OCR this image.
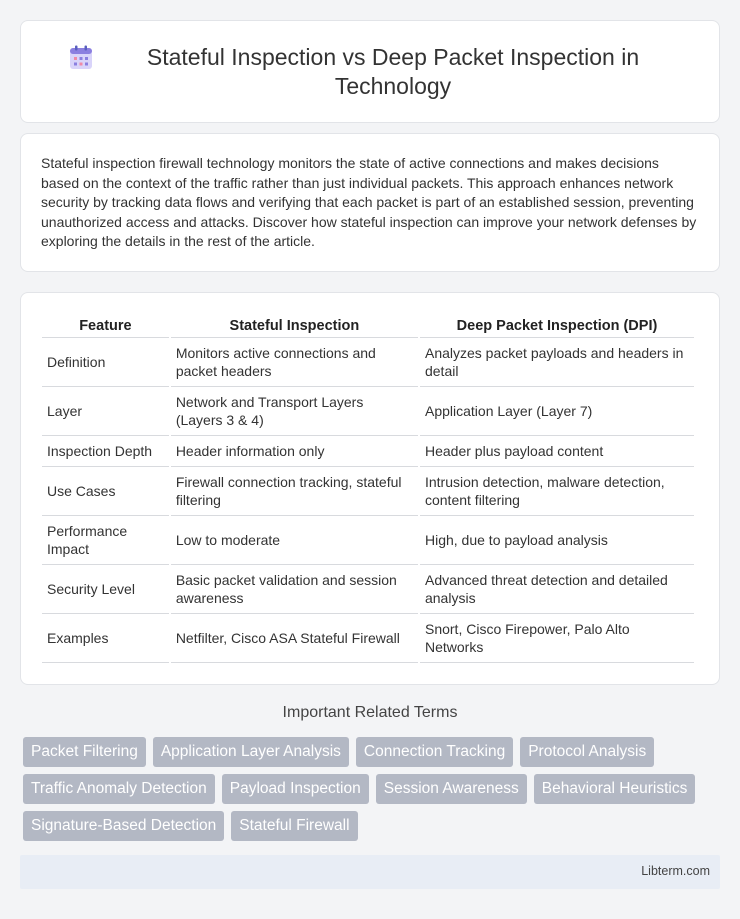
Stateful Inspection vs Deep Packet Inspection in Technology

Stateful inspection firewall technology monitors the state of active connections and makes decisions based on the context of the traffic rather than just individual packets. This approach enhances network security by tracking data flows and verifying that each packet is part of an established session, preventing unauthorized access and attacks. Discover how stateful inspection can improve your network defenses by exploring the details in the rest of the article.

Feature	Stateful Inspection	Deep Packet Inspection (DPI)
Definition	Monitors active connections and packet headers	Analyzes packet payloads and headers in detail
Layer	Network and Transport Layers (Layers 3 & 4)	Application Layer (Layer 7)
Inspection Depth	Header information only	Header plus payload content
Use Cases	Firewall connection tracking, stateful filtering	Intrusion detection, malware detection, content filtering
Performance Impact	Low to moderate	High, due to payload analysis
Security Level	Basic packet validation and session awareness	Advanced threat detection and detailed analysis
Examples	Netfilter, Cisco ASA Stateful Firewall	Snort, Cisco Firepower, Palo Alto Networks
Important Related Terms
Packet Filtering	Application Layer Analysis	Connection Tracking	Protocol Analysis
Traffic Anomaly Detection	Payload Inspection	Session Awareness	Behavioral Heuristics
Signature-Based Detection	Stateful Firewall
Libterm.com
